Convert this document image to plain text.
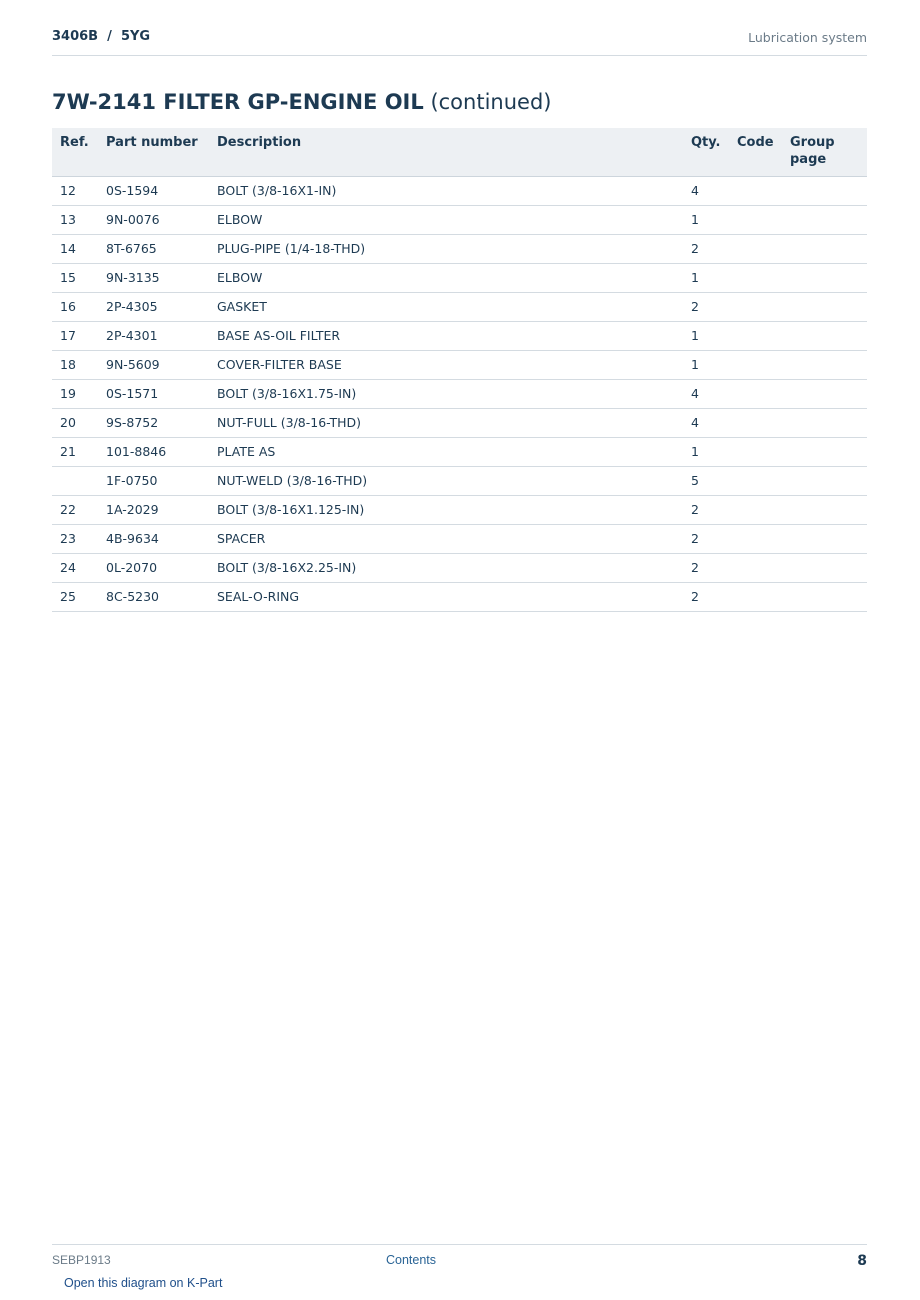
3406B  /  5YG	Lubrication system
7W-2141 FILTER GP-ENGINE OIL (continued)
Ref.	Part number	Description	Qty.	Code	Group page
12	0S-1594	BOLT (3/8-16X1-IN)	4		
13	9N-0076	ELBOW	1		
14	8T-6765	PLUG-PIPE (1/4-18-THD)	2		
15	9N-3135	ELBOW	1		
16	2P-4305	GASKET	2		
17	2P-4301	BASE AS-OIL FILTER	1		
18	9N-5609	COVER-FILTER BASE	1		
19	0S-1571	BOLT (3/8-16X1.75-IN)	4		
20	9S-8752	NUT-FULL (3/8-16-THD)	4		
21	101-8846	PLATE AS	1		
	1F-0750	NUT-WELD (3/8-16-THD)	5		
22	1A-2029	BOLT (3/8-16X1.125-IN)	2		
23	4B-9634	SPACER	2		
24	0L-2070	BOLT (3/8-16X2.25-IN)	2		
25	8C-5230	SEAL-O-RING	2		
SEBP1913	Contents	8
Open this diagram on K-Part
